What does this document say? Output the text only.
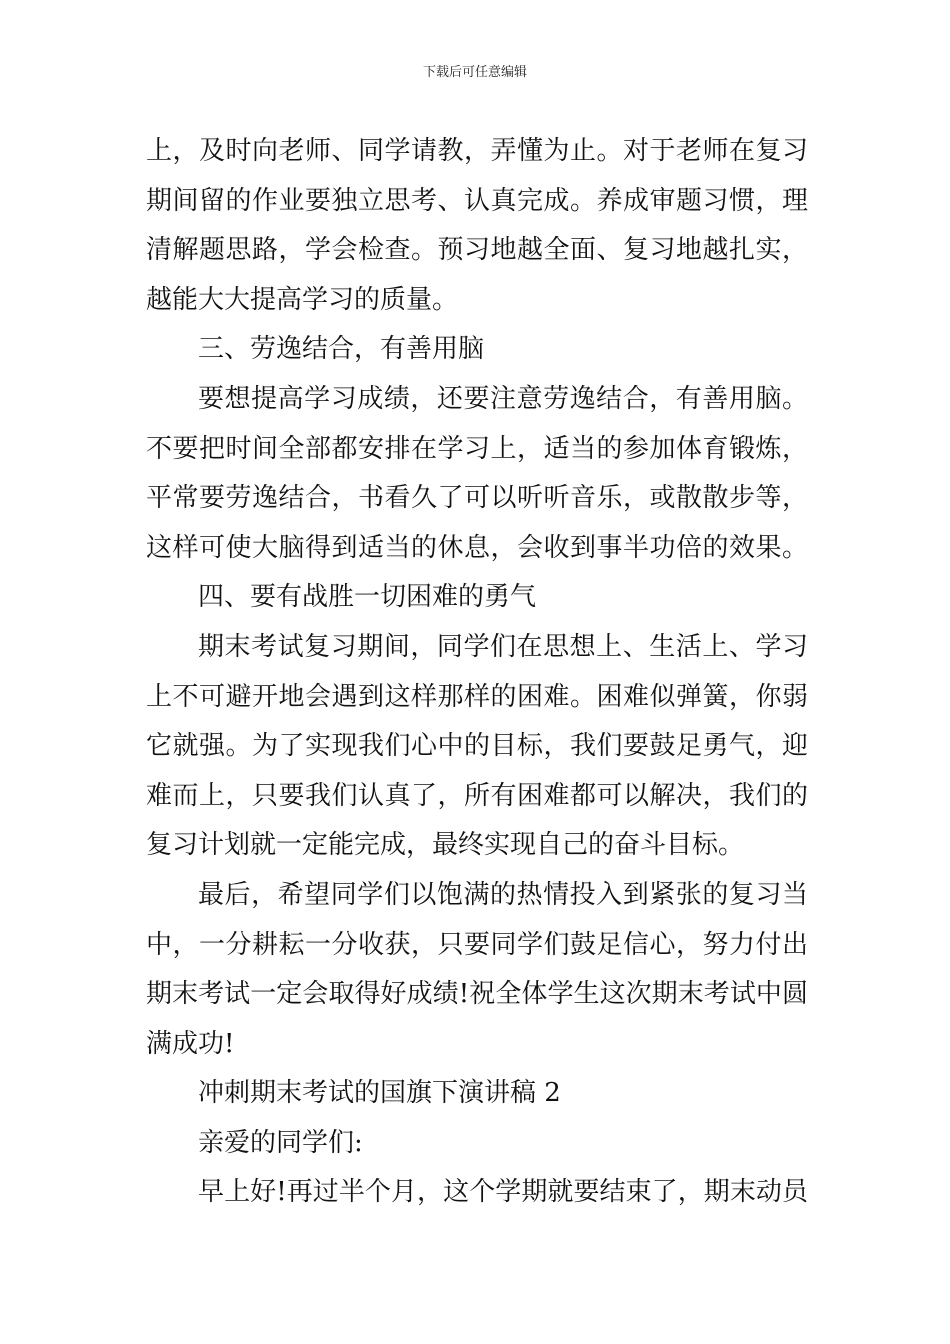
下载后可任意编辑
上，及时向老师、同学请教，弄懂为止。对于老师在复习
期间留的作业要独立思考、认真完成。养成审题习惯，理
清解题思路，学会检查。预习地越全面、复习地越扎实，
越能大大提高学习的质量。
三、劳逸结合，有善用脑
要想提高学习成绩，还要注意劳逸结合，有善用脑。
不要把时间全部都安排在学习上，适当的参加体育锻炼，
平常要劳逸结合，书看久了可以听听音乐，或散散步等，
这样可使大脑得到适当的休息，会收到事半功倍的效果。
四、要有战胜一切困难的勇气
期末考试复习期间，同学们在思想上、生活上、学习
上不可避开地会遇到这样那样的困难。困难似弹簧，你弱
它就强。为了实现我们心中的目标，我们要鼓足勇气，迎
难而上，只要我们认真了，所有困难都可以解决，我们的
复习计划就一定能完成，最终实现自己的奋斗目标。
最后，希望同学们以饱满的热情投入到紧张的复习当
中，一分耕耘一分收获，只要同学们鼓足信心，努力付出
期末考试一定会取得好成绩!祝全体学生这次期末考试中圆
满成功!
冲刺期末考试的国旗下演讲稿 2
亲爱的同学们:
早上好!再过半个月，这个学期就要结束了，期末动员
